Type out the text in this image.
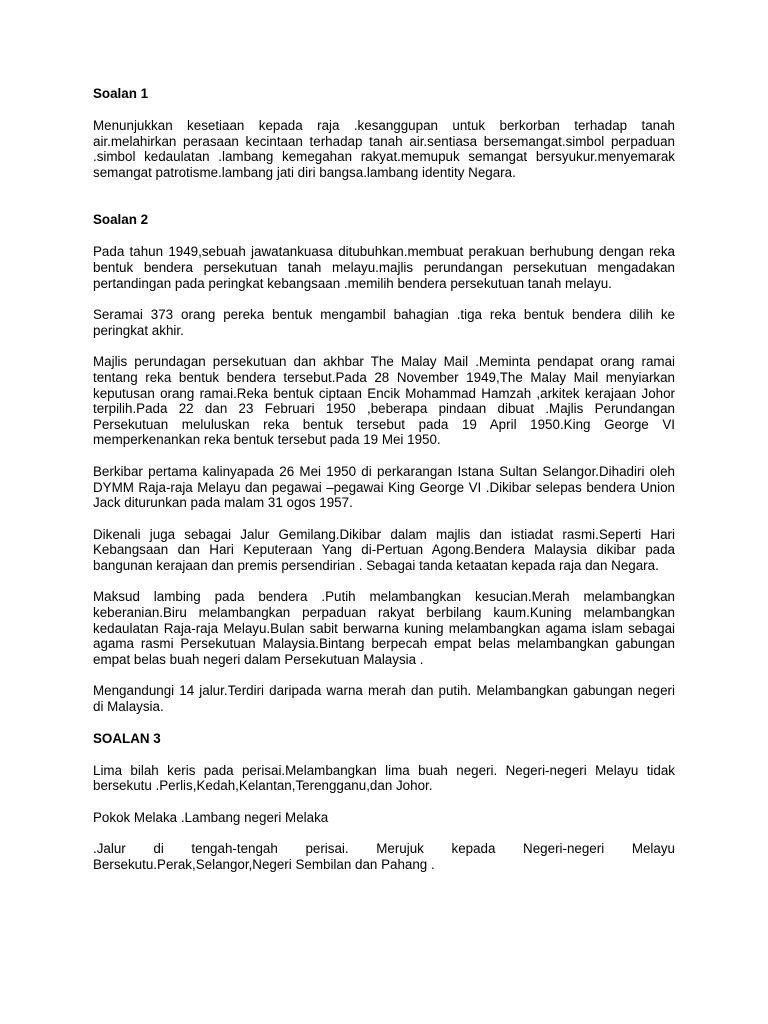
Soalan 1

Menunjukkan kesetiaan kepada raja .kesanggupan untuk berkorban terhadap tanah air.melahirkan perasaan kecintaan terhadap tanah air.sentiasa bersemangat.simbol perpaduan .simbol kedaulatan .lambang kemegahan rakyat.memupuk semangat bersyukur.menyemarak semangat patrotisme.lambang jati diri bangsa.lambang identity Negara.

Soalan 2

Pada tahun 1949,sebuah jawatankuasa ditubuhkan.membuat perakuan berhubung dengan reka bentuk bendera persekutuan tanah melayu.majlis perundangan persekutuan mengadakan pertandingan pada peringkat kebangsaan .memilih bendera persekutuan tanah melayu.

Seramai 373 orang pereka bentuk mengambil bahagian .tiga reka bentuk bendera dilih ke peringkat akhir.

Majlis perundagan persekutuan dan akhbar The Malay Mail .Meminta pendapat orang ramai tentang reka bentuk bendera tersebut.Pada 28 November 1949,The Malay Mail menyiarkan keputusan orang ramai.Reka bentuk ciptaan Encik Mohammad Hamzah ,arkitek kerajaan Johor terpilih.Pada 22 dan 23 Februari 1950 ,beberapa pindaan dibuat .Majlis Perundangan Persekutuan meluluskan reka bentuk tersebut pada 19 April 1950.King George VI memperkenankan reka bentuk tersebut pada 19 Mei 1950.

Berkibar pertama kalinyapada 26 Mei 1950 di perkarangan Istana Sultan Selangor.Dihadiri oleh DYMM Raja-raja Melayu dan pegawai –pegawai King George VI .Dikibar selepas bendera Union Jack diturunkan pada malam 31 ogos 1957.

Dikenali juga sebagai Jalur Gemilang.Dikibar dalam majlis dan istiadat rasmi.Seperti Hari Kebangsaan dan Hari Keputeraan Yang di-Pertuan Agong.Bendera Malaysia dikibar pada bangunan kerajaan dan premis persendirian . Sebagai tanda ketaatan kepada raja dan Negara.

Maksud lambing pada bendera .Putih melambangkan kesucian.Merah melambangkan keberanian.Biru melambangkan perpaduan rakyat berbilang kaum.Kuning melambangkan kedaulatan Raja-raja Melayu.Bulan sabit berwarna kuning melambangkan agama islam sebagai agama rasmi Persekutuan Malaysia.Bintang berpecah empat belas melambangkan gabungan empat belas buah negeri dalam Persekutuan Malaysia .

Mengandungi 14 jalur.Terdiri daripada warna merah dan putih. Melambangkan gabungan negeri di Malaysia.

SOALAN 3

Lima bilah keris pada perisai.Melambangkan lima buah negeri. Negeri-negeri Melayu tidak bersekutu .Perlis,Kedah,Kelantan,Terengganu,dan Johor.

Pokok Melaka .Lambang negeri Melaka

.Jalur di tengah-tengah perisai. Merujuk kepada Negeri-negeri Melayu Bersekutu.Perak,Selangor,Negeri Sembilan dan Pahang .
